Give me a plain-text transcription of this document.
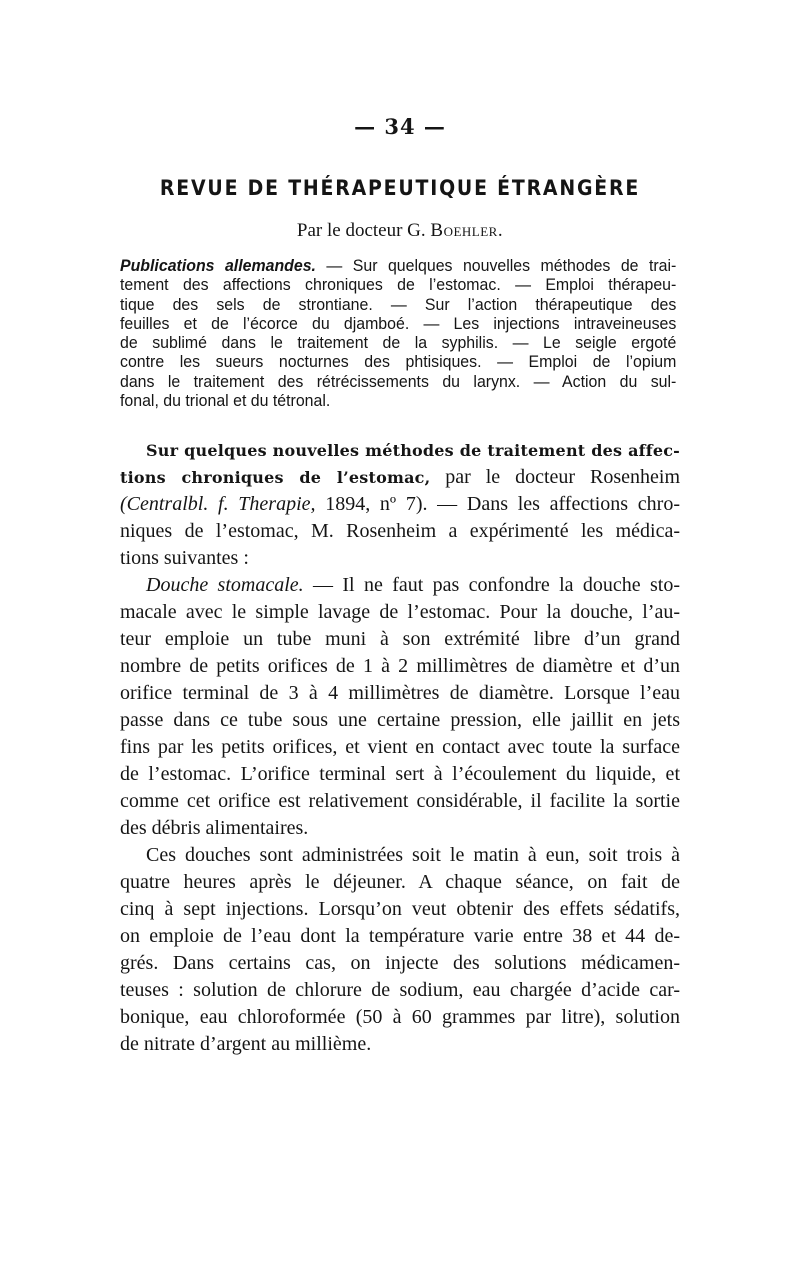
— 34 —
REVUE DE THÉRAPEUTIQUE ÉTRANGÈRE
Par le docteur G. Boehler.
Publications allemandes. — Sur quelques nouvelles méthodes de trai-
tement des affections chroniques de l’estomac. — Emploi thérapeu-
tique des sels de strontiane. — Sur l’action thérapeutique des
feuilles et de l’écorce du djamboé. — Les injections intraveineuses
de sublimé dans le traitement de la syphilis. — Le seigle ergoté
contre les sueurs nocturnes des phtisiques. — Emploi de l’opium
dans le traitement des rétrécissements du larynx. — Action du sul-
fonal, du trional et du tétronal.
Sur quelques nouvelles méthodes de traitement des affec-
tions chroniques de l’estomac, par le docteur Rosenheim
(Centralbl. f. Therapie, 1894, nº 7). — Dans les affections chro-
niques de l’estomac, M. Rosenheim a expérimenté les médica-
tions suivantes :
Douche stomacale. — Il ne faut pas confondre la douche sto-
macale avec le simple lavage de l’estomac. Pour la douche, l’au-
teur emploie un tube muni à son extrémité libre d’un grand
nombre de petits orifices de 1 à 2 millimètres de diamètre et d’un
orifice terminal de 3 à 4 millimètres de diamètre. Lorsque l’eau
passe dans ce tube sous une certaine pression, elle jaillit en jets
fins par les petits orifices, et vient en contact avec toute la surface
de l’estomac. L’orifice terminal sert à l’écoulement du liquide, et
comme cet orifice est relativement considérable, il facilite la sortie
des débris alimentaires.
Ces douches sont administrées soit le matin à eun, soit trois à
quatre heures après le déjeuner. A chaque séance, on fait de
cinq à sept injections. Lorsqu’on veut obtenir des effets sédatifs,
on emploie de l’eau dont la température varie entre 38 et 44 de-
grés. Dans certains cas, on injecte des solutions médicamen-
teuses : solution de chlorure de sodium, eau chargée d’acide car-
bonique, eau chloroformée (50 à 60 grammes par litre), solution
de nitrate d’argent au millième.
